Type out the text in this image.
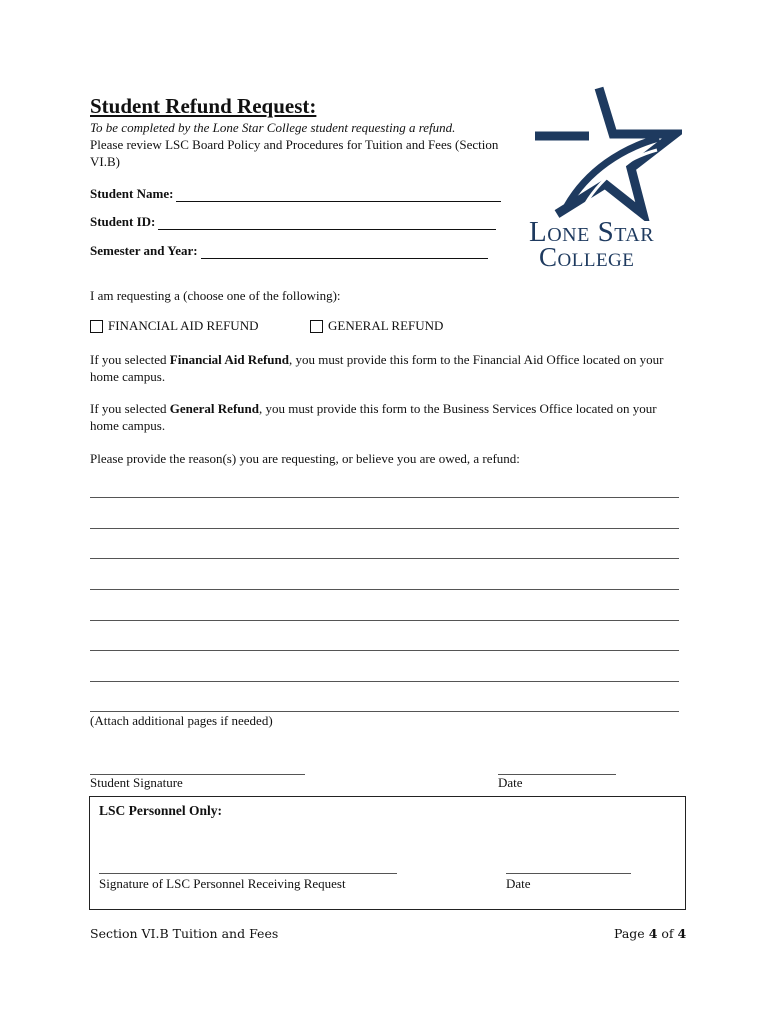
Student Refund Request:
To be completed by the Lone Star College student requesting a refund.
Please review LSC Board Policy and Procedures for Tuition and Fees (Section VI.B)
Lone Star
College
Student Name:
Student ID:
Semester and Year:
I am requesting a (choose one of the following):
FINANCIAL AID REFUND	GENERAL REFUND
If you selected Financial Aid Refund, you must provide this form to the Financial Aid Office located on your home campus.
If you selected General Refund, you must provide this form to the Business Services Office located on your home campus.
Please provide the reason(s) you are requesting, or believe you are owed, a refund:
(Attach additional pages if needed)
Student Signature	Date
LSC Personnel Only:
Signature of LSC Personnel Receiving Request	Date
Section VI.B Tuition and Fees	Page 4 of 4
